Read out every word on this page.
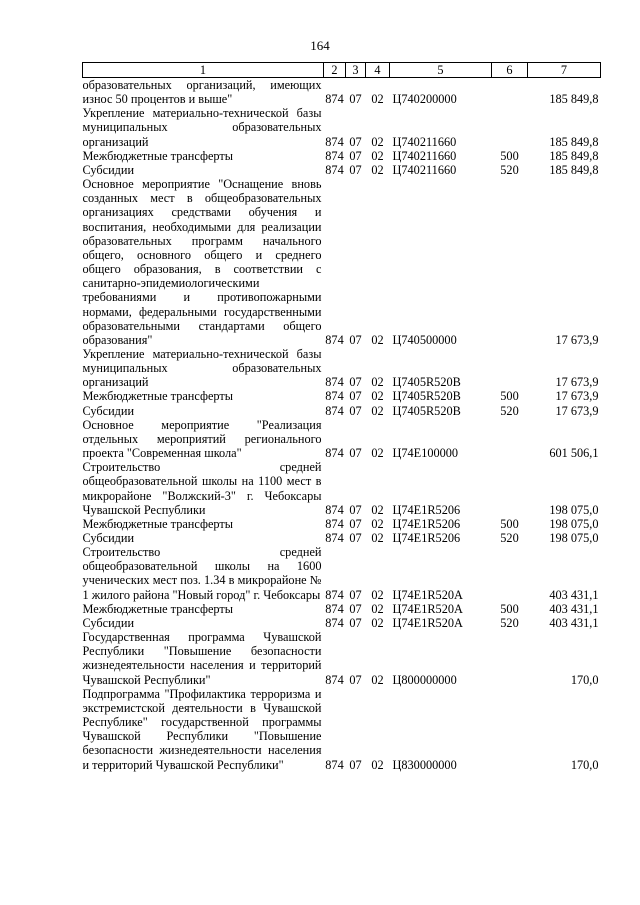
164
1	2	3	4	5	6	7
образовательных организаций, имеющих износ 50 процентов и выше"	874	07	02	Ц740200000		185 849,8
Укрепление материально-технической базы муниципальных образовательных организаций	874	07	02	Ц740211660		185 849,8
Межбюджетные трансферты	874	07	02	Ц740211660	500	185 849,8
Субсидии	874	07	02	Ц740211660	520	185 849,8
Основное мероприятие "Оснащение вновь созданных мест в общеобразовательных организациях средствами обучения и воспитания, необходимыми для реализации образовательных программ начального общего, основного общего и среднего общего образования, в соответствии с санитарно-эпидемиологическими требованиями и противопожарными нормами, федеральными государственными образовательными стандартами общего образования"	874	07	02	Ц740500000		17 673,9
Укрепление материально-технической базы муниципальных образовательных организаций	874	07	02	Ц7405R520B		17 673,9
Межбюджетные трансферты	874	07	02	Ц7405R520B	500	17 673,9
Субсидии	874	07	02	Ц7405R520B	520	17 673,9
Основное мероприятие "Реализация отдельных мероприятий регионального проекта "Современная школа"	874	07	02	Ц74E100000		601 506,1
Строительство средней общеобразовательной школы на 1100 мест в микрорайоне "Волжский-3" г. Чебоксары Чувашской Республики	874	07	02	Ц74E1R5206		198 075,0
Межбюджетные трансферты	874	07	02	Ц74E1R5206	500	198 075,0
Субсидии	874	07	02	Ц74E1R5206	520	198 075,0
Строительство средней общеобразовательной школы на 1600 ученических мест поз. 1.34 в микрорайоне № 1 жилого района "Новый город" г. Чебоксары	874	07	02	Ц74E1R520A		403 431,1
Межбюджетные трансферты	874	07	02	Ц74E1R520A	500	403 431,1
Субсидии	874	07	02	Ц74E1R520A	520	403 431,1
Государственная программа Чувашской Республики "Повышение безопасности жизнедеятельности населения и территорий Чувашской Республики"	874	07	02	Ц800000000		170,0
Подпрограмма "Профилактика терроризма и экстремистской деятельности в Чувашской Республике" государственной программы Чувашской Республики "Повышение безопасности жизнедеятельности населения и территорий Чувашской Республики"	874	07	02	Ц830000000		170,0
